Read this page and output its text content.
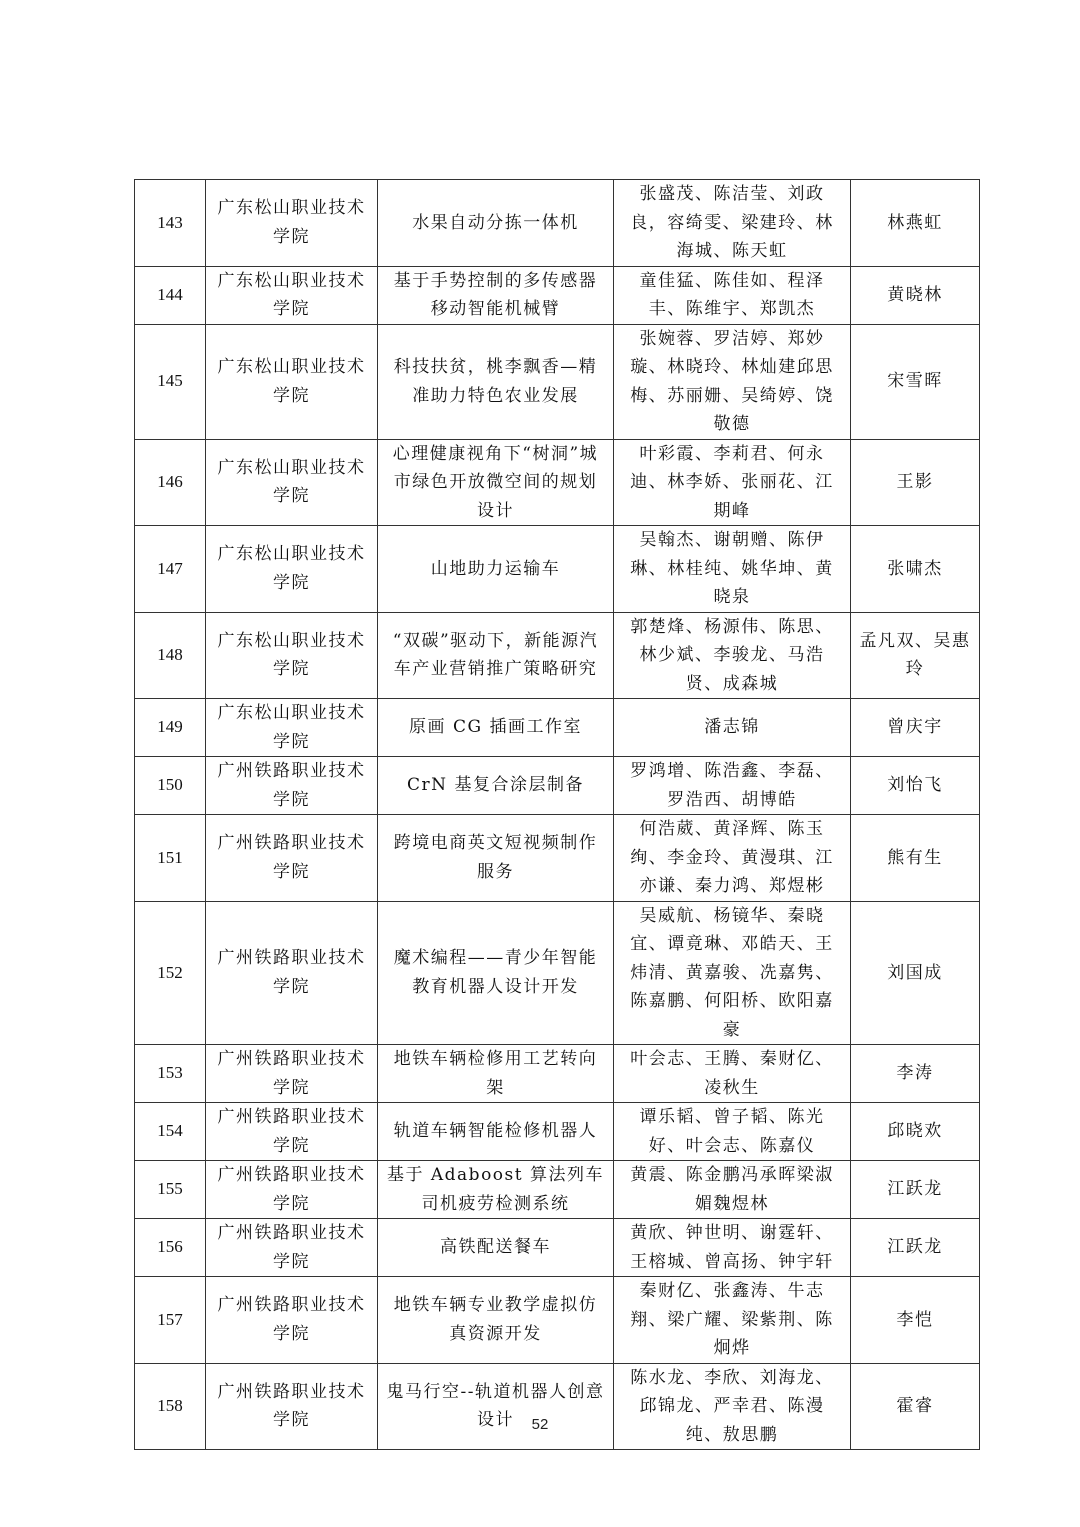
143	广东松山职业技术学院	水果自动分拣一体机	张盛茂、陈洁莹、刘政良，容绮雯、梁建玲、林海城、陈天虹	林燕虹
144	广东松山职业技术学院	基于手势控制的多传感器移动智能机械臂	童佳猛、陈佳如、程泽丰、陈维宇、郑凯杰	黄晓林
145	广东松山职业技术学院	科技扶贫，桃李飘香—精准助力特色农业发展	张婉蓉、罗洁婷、郑妙璇、林晓玲、林灿建邱思梅、苏丽姗、吴绮婷、饶敬德	宋雪晖
146	广东松山职业技术学院	心理健康视角下“树洞”城市绿色开放微空间的规划设计	叶彩霞、李莉君、何永迪、林李娇、张丽花、江期峰	王影
147	广东松山职业技术学院	山地助力运输车	吴翰杰、谢朝赠、陈伊琳、林桂纯、姚华坤、黄晓泉	张啸杰
148	广东松山职业技术学院	“双碳”驱动下，新能源汽车产业营销推广策略研究	郭楚烽、杨源伟、陈思、林少斌、李骏龙、马浩贤、成森城	孟凡双、吴惠玲
149	广东松山职业技术学院	原画 CG 插画工作室	潘志锦	曾庆宇
150	广州铁路职业技术学院	CrN 基复合涂层制备	罗鸿增、陈浩鑫、李磊、罗浩西、胡博皓	刘怡飞
151	广州铁路职业技术学院	跨境电商英文短视频制作服务	何浩葳、黄泽辉、陈玉绚、李金玲、黄漫琪、江亦谦、秦力鸿、郑煜彬	熊有生
152	广州铁路职业技术学院	魔术编程——青少年智能教育机器人设计开发	吴威航、杨镜华、秦晓宜、谭竟琳、邓皓天、王炜清、黄嘉骏、冼嘉隽、陈嘉鹏、何阳桥、欧阳嘉豪	刘国成
153	广州铁路职业技术学院	地铁车辆检修用工艺转向架	叶会志、王腾、秦财亿、凌秋生	李涛
154	广州铁路职业技术学院	轨道车辆智能检修机器人	谭乐韬、曾子韬、陈光好、叶会志、陈嘉仪	邱晓欢
155	广州铁路职业技术学院	基于 Adaboost 算法列车司机疲劳检测系统	黄震、陈金鹏冯承晖梁淑媚魏煜林	江跃龙
156	广州铁路职业技术学院	高铁配送餐车	黄欣、钟世明、谢霆轩、王榕城、曾高扬、钟宇轩	江跃龙
157	广州铁路职业技术学院	地铁车辆专业教学虚拟仿真资源开发	秦财亿、张鑫涛、牛志翔、梁广耀、梁紫荆、陈炯烨	李恺
158	广州铁路职业技术学院	鬼马行空--轨道机器人创意设计	陈水龙、李欣、刘海龙、邱锦龙、严幸君、陈漫纯、敖思鹏	霍睿
52
